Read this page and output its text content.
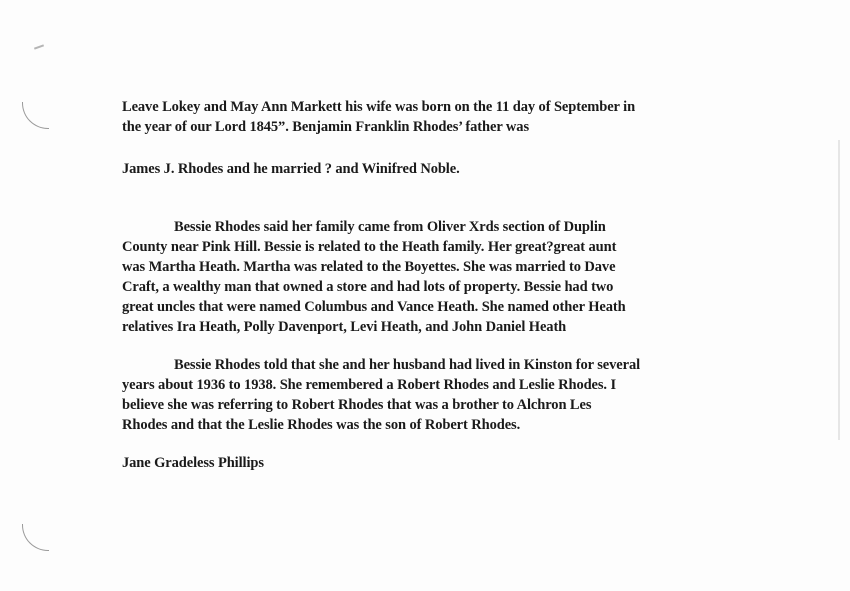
Leave Lokey and May Ann Markett his wife was born on the 11 day of September in
the year of our Lord 1845”. Benjamin Franklin Rhodes’ father was
James J. Rhodes and he married ? and Winifred Noble.
Bessie Rhodes said her family came from Oliver Xrds section of Duplin
County near Pink Hill. Bessie is related to the Heath family. Her great?great aunt
was Martha Heath. Martha was related to the Boyettes. She was married to Dave
Craft, a wealthy man that owned a store and had lots of property. Bessie had two
great uncles that were named Columbus and Vance Heath. She named other Heath
relatives Ira Heath, Polly Davenport, Levi Heath, and John Daniel Heath
Bessie Rhodes told that she and her husband had lived in Kinston for several
years about 1936 to 1938. She remembered a Robert Rhodes and Leslie Rhodes. I
believe she was referring to Robert Rhodes that was a brother to Alchron Les
Rhodes and that the Leslie Rhodes was the son of Robert Rhodes.
Jane Gradeless Phillips
